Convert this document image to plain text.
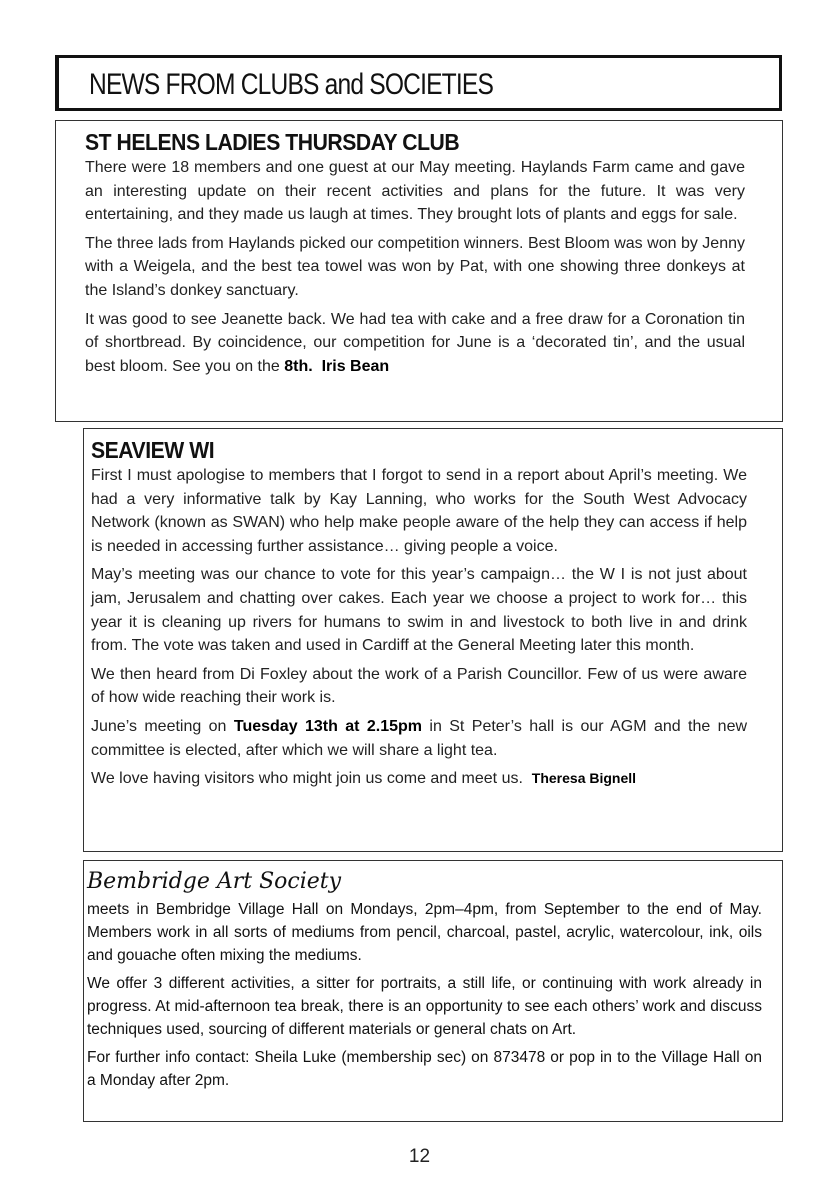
NEWS FROM CLUBS and SOCIETIES
ST HELENS LADIES THURSDAY CLUB

There were 18 members and one guest at our May meeting. Haylands Farm came and gave an interesting update on their recent activities and plans for the future. It was very entertaining, and they made us laugh at times. They brought lots of plants and eggs for sale.

The three lads from Haylands picked our competition winners. Best Bloom was won by Jenny with a Weigela, and the best tea towel was won by Pat, with one showing three donkeys at the Island’s donkey sanctuary.

It was good to see Jeanette back. We had tea with cake and a free draw for a Coronation tin of shortbread. By coincidence, our competition for June is a ‘decorated tin’, and the usual best bloom. See you on the 8th. Iris Bean

SEAVIEW WI

First I must apologise to members that I forgot to send in a report about April’s meeting. We had a very informative talk by Kay Lanning, who works for the South West Advocacy Network (known as SWAN) who help make people aware of the help they can access if help is needed in accessing further assistance… giving people a voice.

May’s meeting was our chance to vote for this year’s campaign… the W I is not just about jam, Jerusalem and chatting over cakes. Each year we choose a project to work for… this year it is cleaning up rivers for humans to swim in and livestock to both live in and drink from. The vote was taken and used in Cardiff at the General Meeting later this month.

We then heard from Di Foxley about the work of a Parish Councillor. Few of us were aware of how wide reaching their work is.

June’s meeting on Tuesday 13th at 2.15pm in St Peter’s hall is our AGM and the new committee is elected, after which we will share a light tea.

We love having visitors who might join us come and meet us. Theresa Bignell

Bembridge Art Society

meets in Bembridge Village Hall on Mondays, 2pm–4pm, from September to the end of May. Members work in all sorts of mediums from pencil, charcoal, pastel, acrylic, watercolour, ink, oils and gouache often mixing the mediums.

We offer 3 different activities, a sitter for portraits, a still life, or continuing with work already in progress. At mid-afternoon tea break, there is an opportunity to see each others’ work and discuss techniques used, sourcing of different materials or general chats on Art.

For further info contact: Sheila Luke (membership sec) on 873478 or pop in to the Village Hall on a Monday after 2pm.

12
